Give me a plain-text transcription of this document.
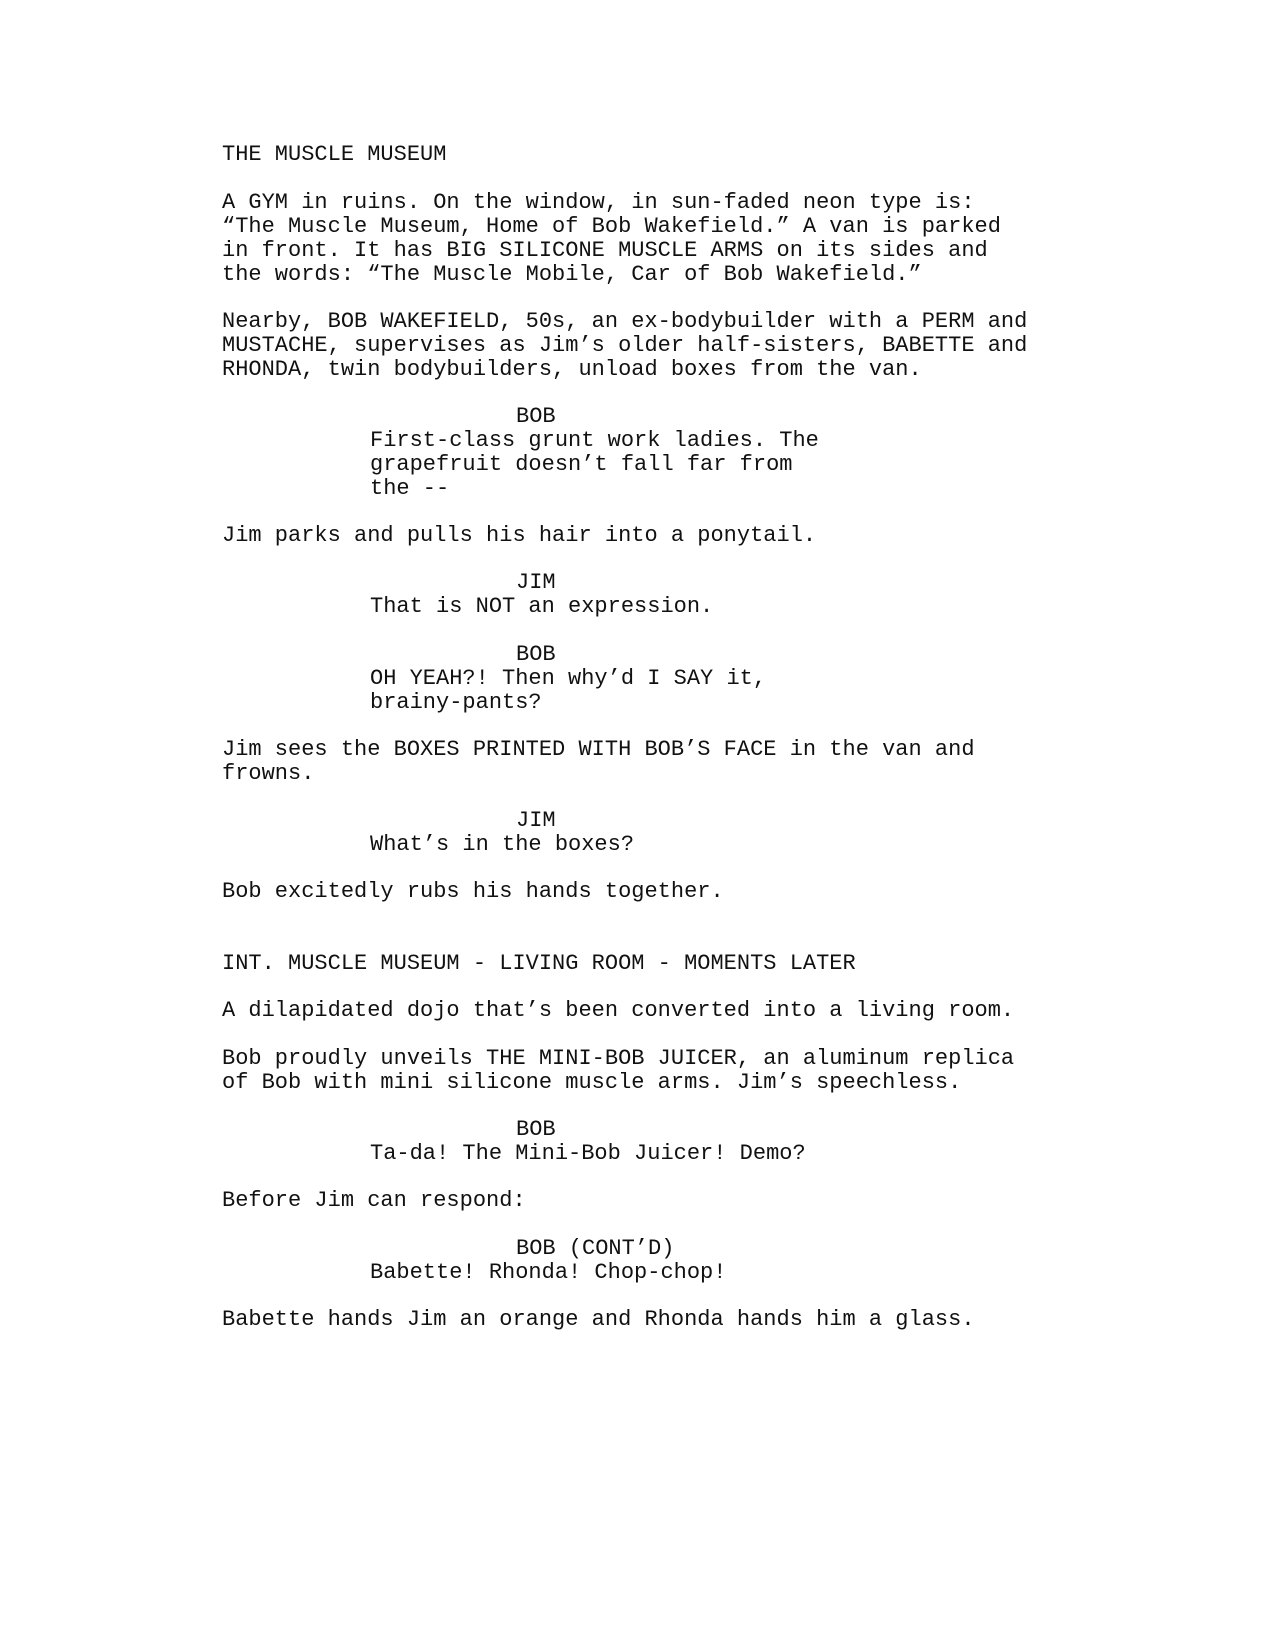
THE MUSCLE MUSEUM
A GYM in ruins. On the window, in sun-faded neon type is:
“The Muscle Museum, Home of Bob Wakefield.” A van is parked
in front. It has BIG SILICONE MUSCLE ARMS on its sides and
the words: “The Muscle Mobile, Car of Bob Wakefield.”
Nearby, BOB WAKEFIELD, 50s, an ex-bodybuilder with a PERM and
MUSTACHE, supervises as Jim’s older half-sisters, BABETTE and
RHONDA, twin bodybuilders, unload boxes from the van.
BOB
First-class grunt work ladies. The
grapefruit doesn’t fall far from
the --
Jim parks and pulls his hair into a ponytail.
JIM
That is NOT an expression.
BOB
OH YEAH?! Then why’d I SAY it,
brainy-pants?
Jim sees the BOXES PRINTED WITH BOB’S FACE in the van and
frowns.
JIM
What’s in the boxes?
Bob excitedly rubs his hands together.
INT. MUSCLE MUSEUM - LIVING ROOM - MOMENTS LATER
A dilapidated dojo that’s been converted into a living room.
Bob proudly unveils THE MINI-BOB JUICER, an aluminum replica
of Bob with mini silicone muscle arms. Jim’s speechless.
BOB
Ta-da! The Mini-Bob Juicer! Demo?
Before Jim can respond:
BOB (CONT’D)
Babette! Rhonda! Chop-chop!
Babette hands Jim an orange and Rhonda hands him a glass.
